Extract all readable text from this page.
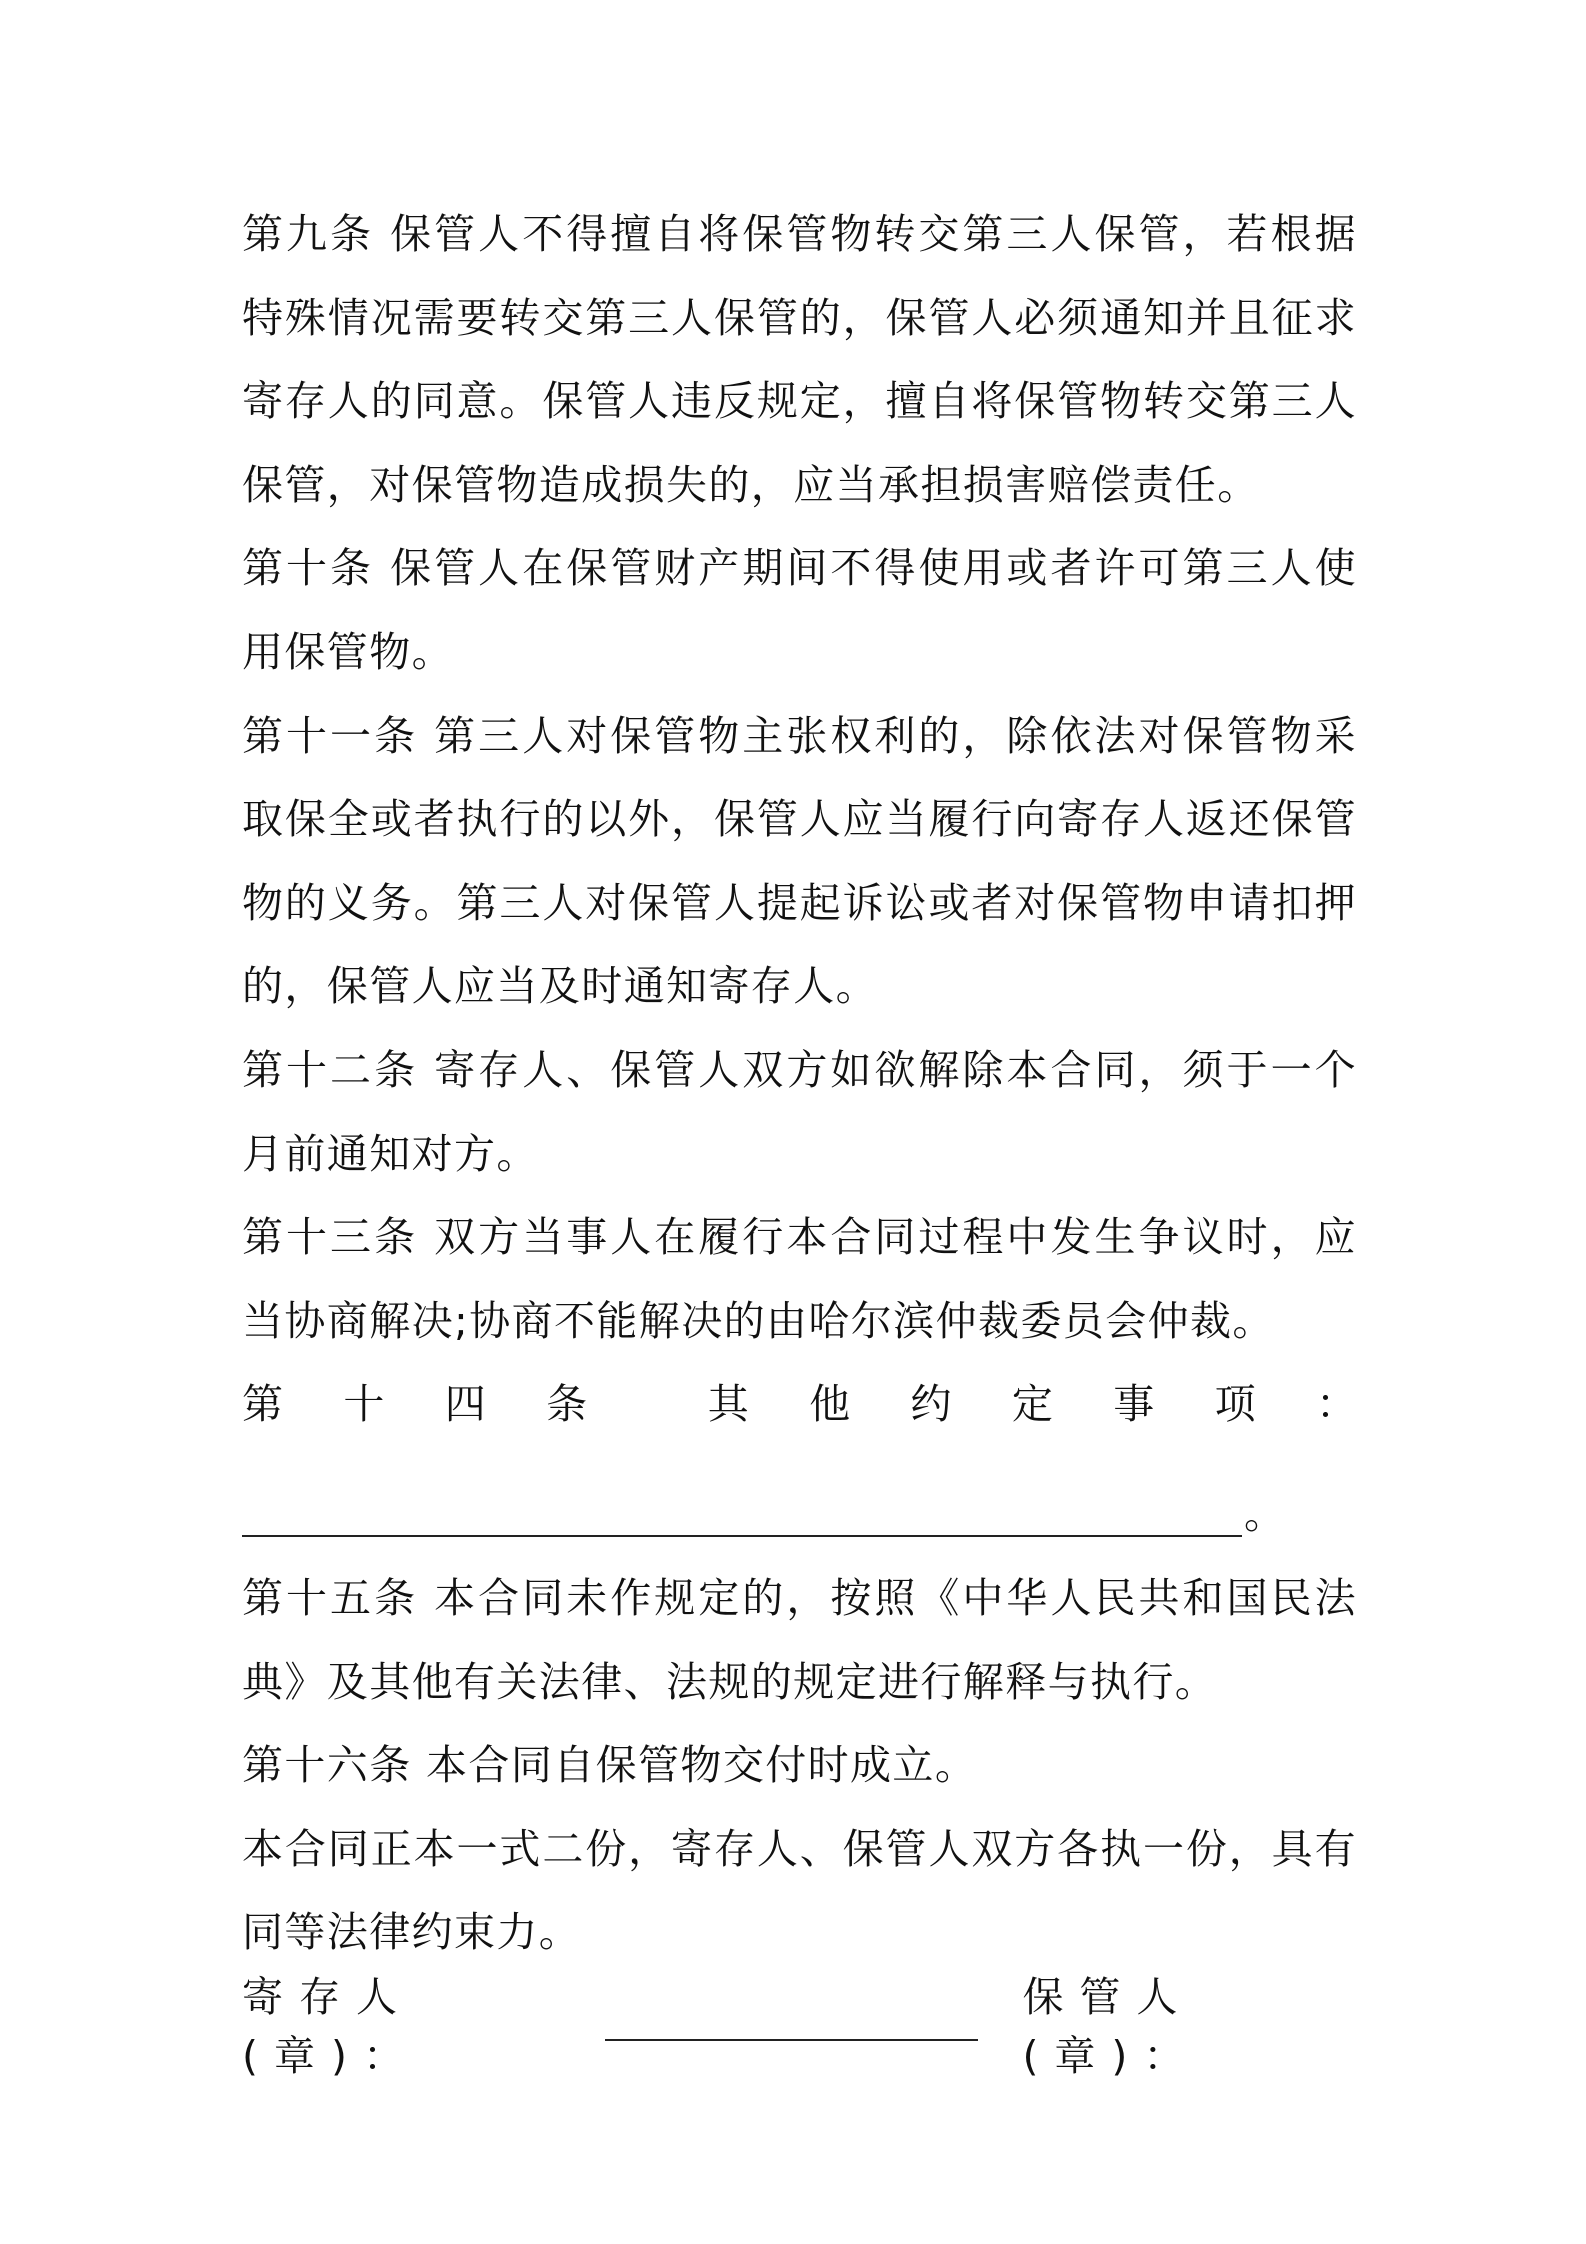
第九条 保管人不得擅自将保管物转交第三人保管，若根据特殊情况需要转交第三人保管的，保管人必须通知并且征求寄存人的同意。保管人违反规定，擅自将保管物转交第三人保管，对保管物造成损失的，应当承担损害赔偿责任。

第十条 保管人在保管财产期间不得使用或者许可第三人使用保管物。

第十一条 第三人对保管物主张权利的，除依法对保管物采取保全或者执行的以外，保管人应当履行向寄存人返还保管物的义务。第三人对保管人提起诉讼或者对保管物申请扣押的，保管人应当及时通知寄存人。

第十二条 寄存人、保管人双方如欲解除本合同，须于一个月前通知对方。

第十三条 双方当事人在履行本合同过程中发生争议时，应当协商解决;协商不能解决的由哈尔滨仲裁委员会仲裁。

第 十 四 条	其 他 约 定 事 项 ：
。

第十五条 本合同未作规定的，按照《中华人民共和国民法典》及其他有关法律、法规的规定进行解释与执行。

第十六条 本合同自保管物交付时成立。

本合同正本一式二份，寄存人、保管人双方各执一份，具有同等法律约束力。

寄存人(章)：
保管人(章)：
